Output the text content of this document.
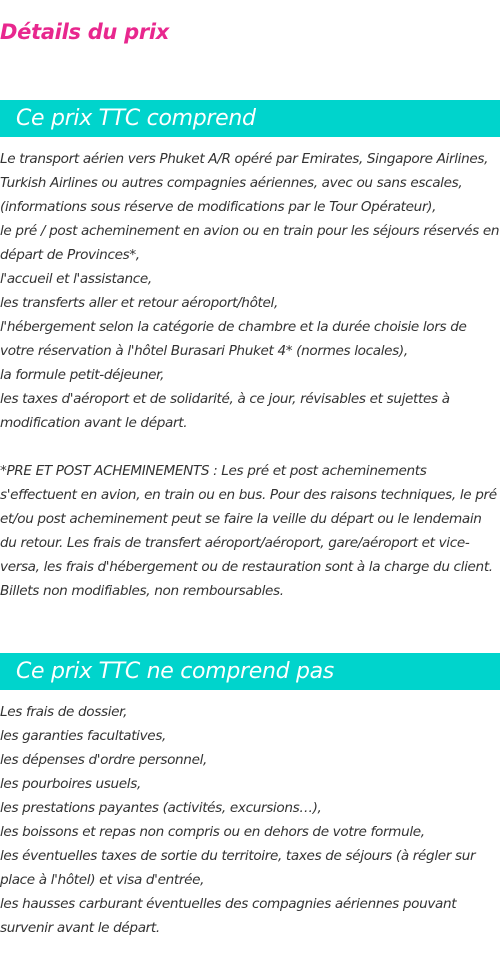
Détails du prix
Ce prix TTC comprend
Le transport aérien vers Phuket A/R opéré par Emirates, Singapore Airlines, Turkish Airlines ou autres compagnies aériennes, avec ou sans escales, (informations sous réserve de modifications par le Tour Opérateur),
le pré / post acheminement en avion ou en train pour les séjours réservés en départ de Provinces*,
l'accueil et l'assistance,
les transferts aller et retour aéroport/hôtel,
l'hébergement selon la catégorie de chambre et la durée choisie lors de votre réservation à l'hôtel Burasari Phuket 4* (normes locales),
la formule petit-déjeuner,
les taxes d'aéroport et de solidarité, à ce jour, révisables et sujettes à modification avant le départ.

*PRE ET POST ACHEMINEMENTS : Les pré et post acheminements s'effectuent en avion, en train ou en bus. Pour des raisons techniques, le pré et/ou post acheminement peut se faire la veille du départ ou le lendemain du retour. Les frais de transfert aéroport/aéroport, gare/aéroport et vice-versa, les frais d'hébergement ou de restauration sont à la charge du client. Billets non modifiables, non remboursables.

Ce prix TTC ne comprend pas
Les frais de dossier,
les garanties facultatives,
les dépenses d'ordre personnel,
les pourboires usuels,
les prestations payantes (activités, excursions…),
les boissons et repas non compris ou en dehors de votre formule,
les éventuelles taxes de sortie du territoire, taxes de séjours (à régler sur place à l'hôtel) et visa d'entrée,
les hausses carburant éventuelles des compagnies aériennes pouvant survenir avant le départ.
